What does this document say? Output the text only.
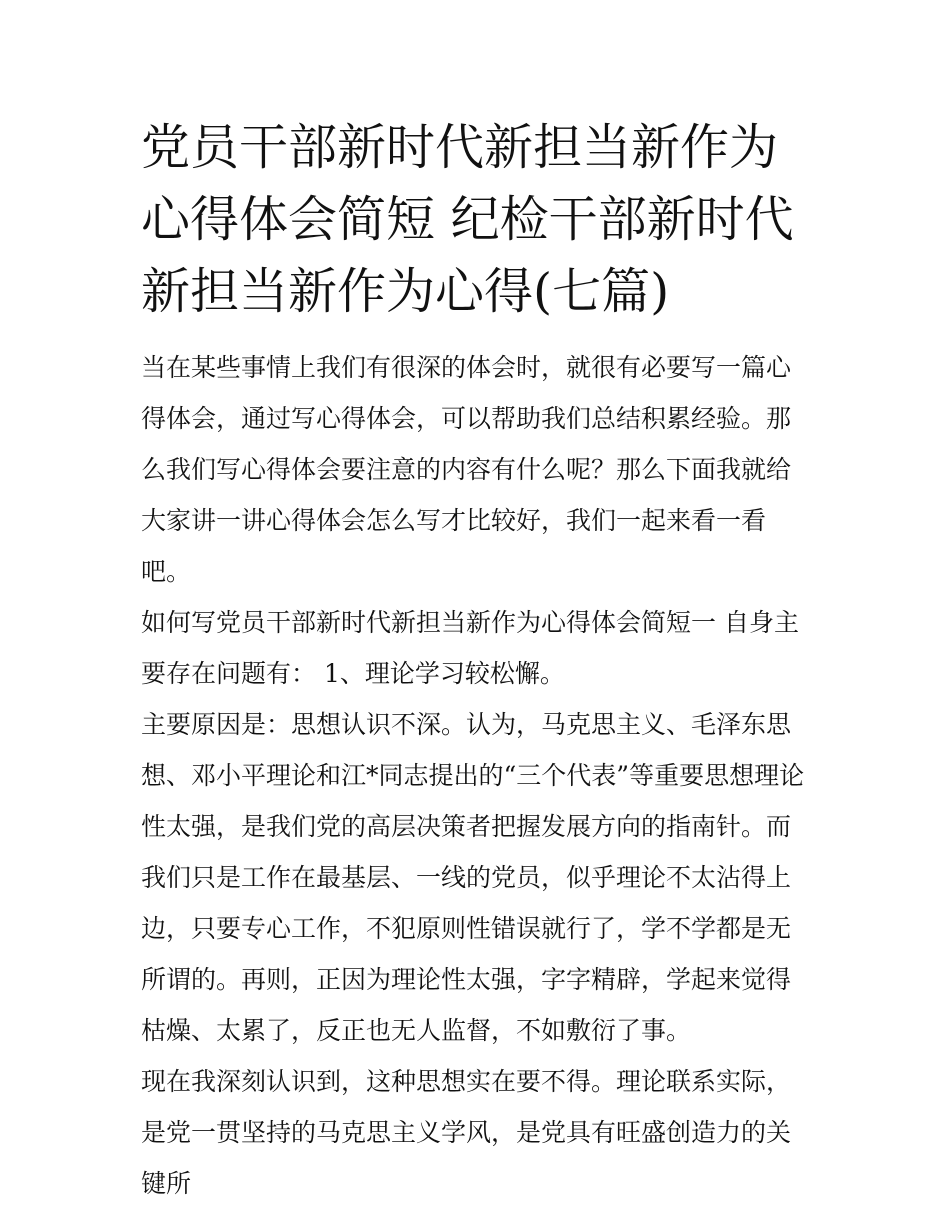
党员干部新时代新担当新作为心得体会简短 纪检干部新时代新担当新作为心得(七篇)

当在某些事情上我们有很深的体会时，就很有必要写一篇心得体会，通过写心得体会，可以帮助我们总结积累经验。那么我们写心得体会要注意的内容有什么呢？那么下面我就给大家讲一讲心得体会怎么写才比较好，我们一起来看一看吧。

如何写党员干部新时代新担当新作为心得体会简短一 自身主要存在问题有： 1、理论学习较松懈。

主要原因是：思想认识不深。认为，马克思主义、毛泽东思想、邓小平理论和江*同志提出的“三个代表”等重要思想理论性太强，是我们党的高层决策者把握发展方向的指南针。而我们只是工作在最基层、一线的党员，似乎理论不太沾得上边，只要专心工作，不犯原则性错误就行了，学不学都是无所谓的。再则，正因为理论性太强，字字精辟，学起来觉得枯燥、太累了，反正也无人监督，不如敷衍了事。

现在我深刻认识到，这种思想实在要不得。理论联系实际，是党一贯坚持的马克思主义学风，是党具有旺盛创造力的关键所
